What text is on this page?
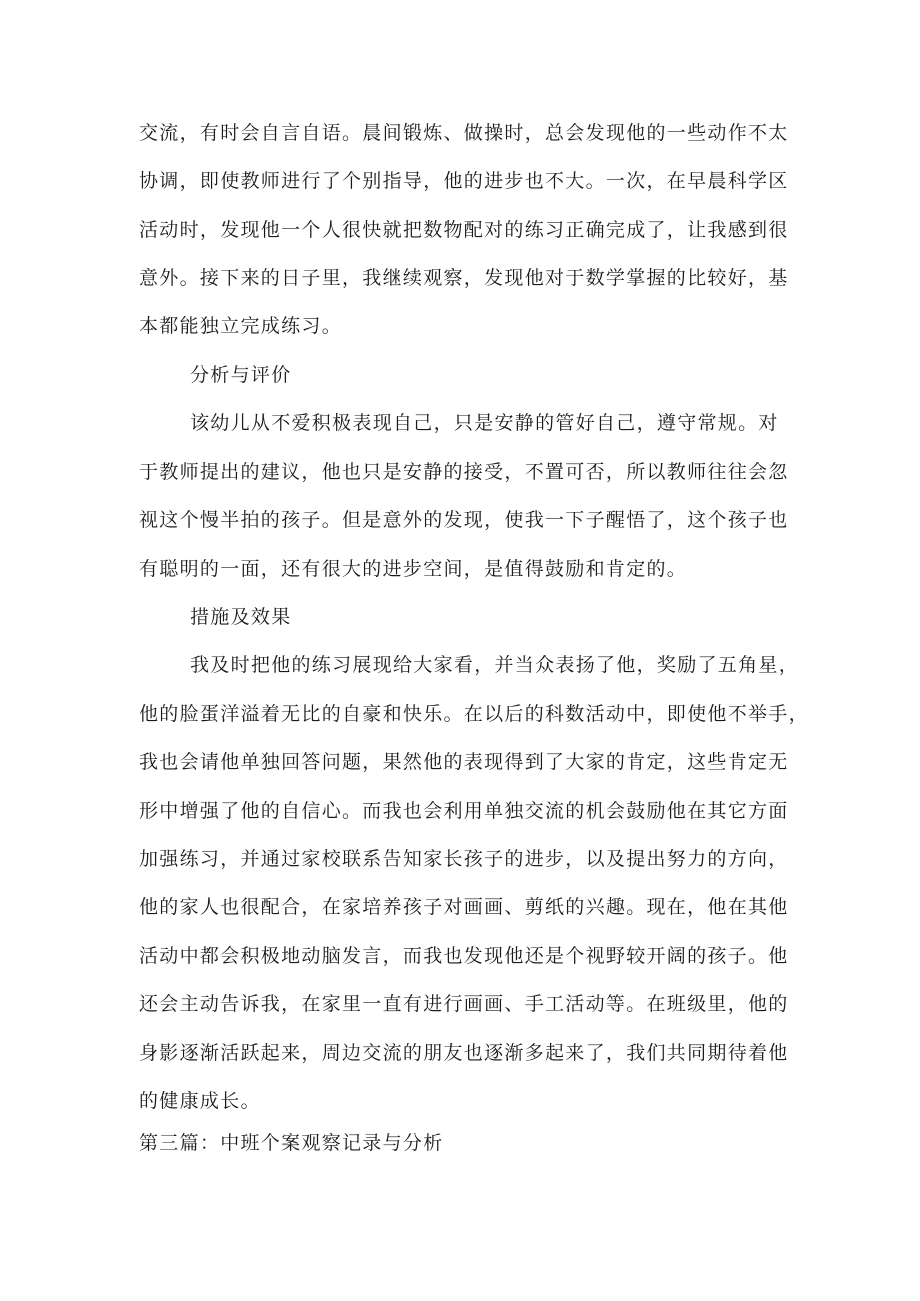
交流，有时会自言自语。晨间锻炼、做操时，总会发现他的一些动作不太
协调，即使教师进行了个别指导，他的进步也不大。一次，在早晨科学区
活动时，发现他一个人很快就把数物配对的练习正确完成了，让我感到很
意外。接下来的日子里，我继续观察，发现他对于数学掌握的比较好，基
本都能独立完成练习。
分析与评价
该幼儿从不爱积极表现自己，只是安静的管好自己，遵守常规。对
于教师提出的建议，他也只是安静的接受，不置可否，所以教师往往会忽
视这个慢半拍的孩子。但是意外的发现，使我一下子醒悟了，这个孩子也
有聪明的一面，还有很大的进步空间，是值得鼓励和肯定的。
措施及效果
我及时把他的练习展现给大家看，并当众表扬了他，奖励了五角星，
他的脸蛋洋溢着无比的自豪和快乐。在以后的科数活动中，即使他不举手，
我也会请他单独回答问题，果然他的表现得到了大家的肯定，这些肯定无
形中增强了他的自信心。而我也会利用单独交流的机会鼓励他在其它方面
加强练习，并通过家校联系告知家长孩子的进步，以及提出努力的方向，
他的家人也很配合，在家培养孩子对画画、剪纸的兴趣。现在，他在其他
活动中都会积极地动脑发言，而我也发现他还是个视野较开阔的孩子。他
还会主动告诉我，在家里一直有进行画画、手工活动等。在班级里，他的
身影逐渐活跃起来，周边交流的朋友也逐渐多起来了，我们共同期待着他
的健康成长。
第三篇：中班个案观察记录与分析
